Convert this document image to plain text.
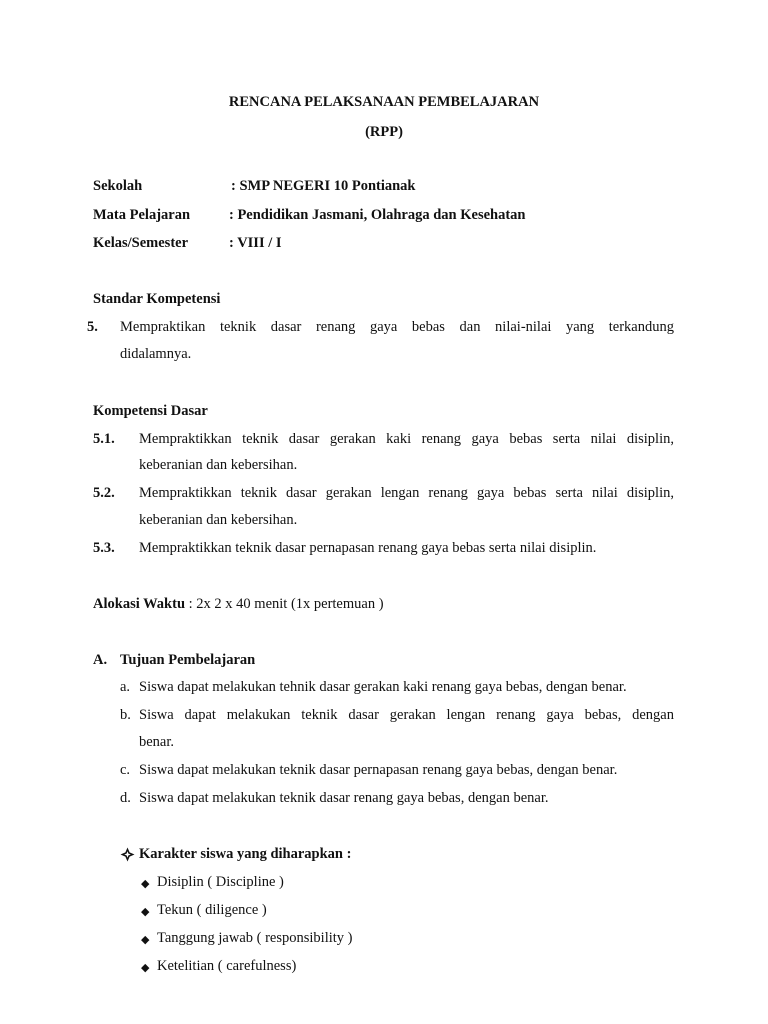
RENCANA PELAKSANAAN PEMBELAJARAN
(RPP)
Sekolah	: SMP NEGERI 10 Pontianak
Mata Pelajaran	: Pendidikan Jasmani, Olahraga dan Kesehatan
Kelas/Semester	: VIII / I
Standar Kompetensi
5. Mempraktikan teknik dasar renang gaya bebas dan nilai-nilai yang terkandung
didalamnya.
Kompetensi Dasar
5.1. Mempraktikkan teknik dasar gerakan kaki renang gaya bebas serta nilai disiplin,
keberanian dan kebersihan.
5.2. Mempraktikkan teknik dasar gerakan lengan renang gaya bebas serta nilai disiplin,
keberanian dan kebersihan.
5.3. Mempraktikkan teknik dasar pernapasan renang gaya bebas serta nilai disiplin.
Alokasi Waktu : 2x 2 x 40 menit (1x pertemuan )
A. Tujuan Pembelajaran
a. Siswa dapat melakukan tehnik dasar gerakan kaki renang gaya bebas, dengan benar.
b. Siswa dapat melakukan teknik dasar gerakan lengan renang gaya bebas, dengan
benar.
c. Siswa dapat melakukan teknik dasar pernapasan renang gaya bebas, dengan benar.
d. Siswa dapat melakukan teknik dasar renang gaya bebas, dengan benar.
Karakter siswa yang diharapkan :
◆ Disiplin ( Discipline )
◆ Tekun ( diligence )
◆ Tanggung jawab ( responsibility )
◆ Ketelitian ( carefulness)
